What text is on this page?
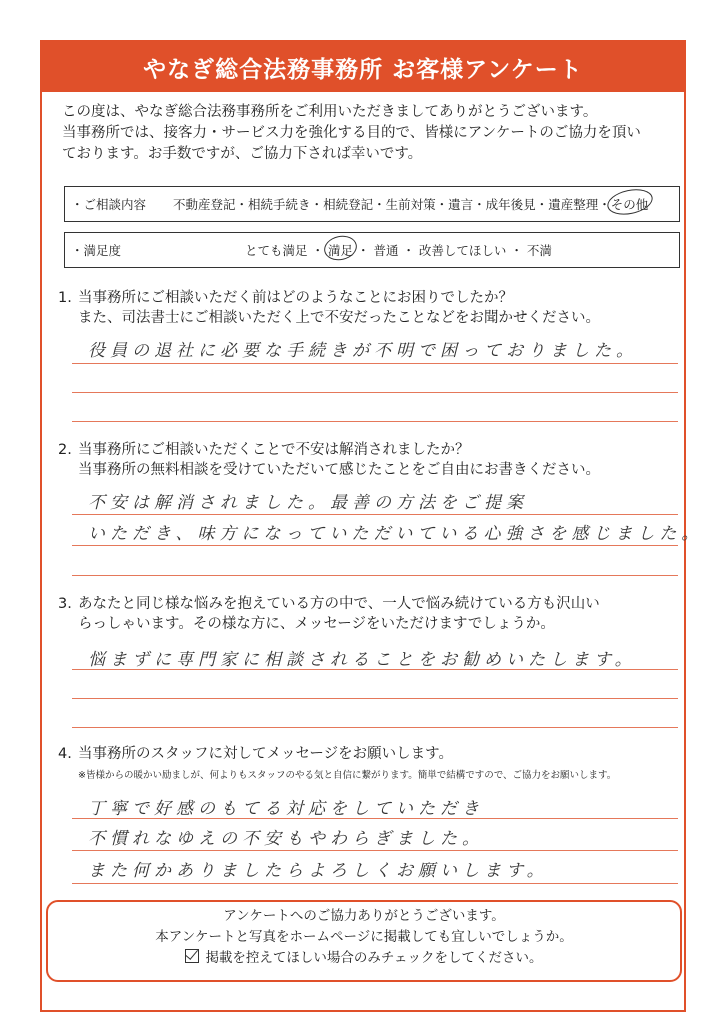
やなぎ総合法務事務所 お客様アンケート
この度は、やなぎ総合法務事務所をご利用いただきましてありがとうございます。
当事務所では、接客力・サービス力を強化する目的で、皆様にアンケートのご協力を頂い
ております。お手数ですが、ご協力下されば幸いです。
・ご相談内容 不動産登記・相続手続き・相続登記・生前対策・遺言・成年後見・遺産整理・その他
・満足度	とても満足 ・ 満足 ・ 普通 ・ 改善してほしい ・ 不満
1. 当事務所にご相談いただく前はどのようなことにお困りでしたか？
また、司法書士にご相談いただく上で不安だったことなどをお聞かせください。
役員の退社に必要な手続きが不明で困っておりました。
2. 当事務所にご相談いただくことで不安は解消されましたか？
当事務所の無料相談を受けていただいて感じたことをご自由にお書きください。
不安は解消されました。最善の方法をご提案
いただき、味方になっていただいている心強さを感じました。
3. あなたと同じ様な悩みを抱えている方の中で、一人で悩み続けている方も沢山い
らっしゃいます。その様な方に、メッセージをいただけますでしょうか。
悩まずに専門家に相談されることをお勧めいたします。
4. 当事務所のスタッフに対してメッセージをお願いします。
※皆様からの暖かい励ましが、何よりもスタッフのやる気と自信に繋がります。簡単で結構ですので、ご協力をお願いします。
丁寧で好感のもてる対応をしていただき
不慣れなゆえの不安もやわらぎました。
また何かありましたらよろしくお願いします。
アンケートへのご協力ありがとうございます。
本アンケートと写真をホームページに掲載しても宜しいでしょうか。
掲載を控えてほしい場合のみチェックをしてください。
